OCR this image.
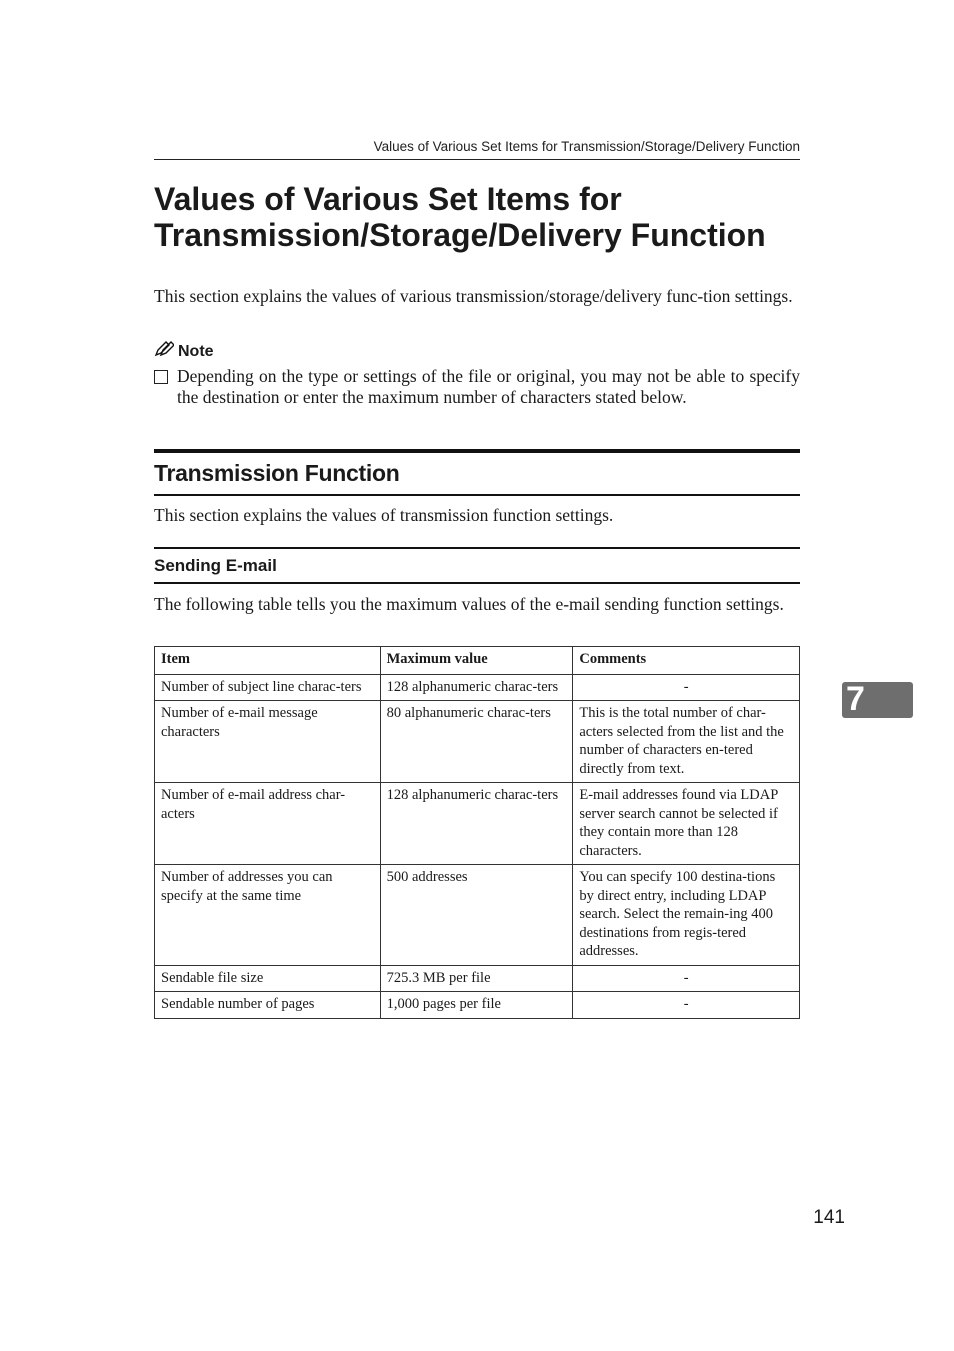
Values of Various Set Items for Transmission/Storage/Delivery Function
Values of Various Set Items for Transmission/Storage/Delivery Function

This section explains the values of various transmission/storage/delivery func-tion settings.

Note
Depending on the type or settings of the file or original, you may not be able to specify the destination or enter the maximum number of characters stated below.
Transmission Function

This section explains the values of transmission function settings.

Sending E-mail

The following table tells you the maximum values of the e-mail sending function settings.

Item	Maximum value	Comments
Number of subject line charac-ters	128 alphanumeric charac-ters	-
Number of e-mail message characters	80 alphanumeric charac-ters	This is the total number of char-acters selected from the list and the number of characters en-tered directly from text.
Number of e-mail address char-acters	128 alphanumeric charac-ters	E-mail addresses found via LDAP server search cannot be selected if they contain more than 128 characters.
Number of addresses you can specify at the same time	500 addresses	You can specify 100 destina-tions by direct entry, including LDAP search. Select the remain-ing 400 destinations from regis-tered addresses.
Sendable file size	725.3 MB per file	-
Sendable number of pages	1,000 pages per file	-
7
141
